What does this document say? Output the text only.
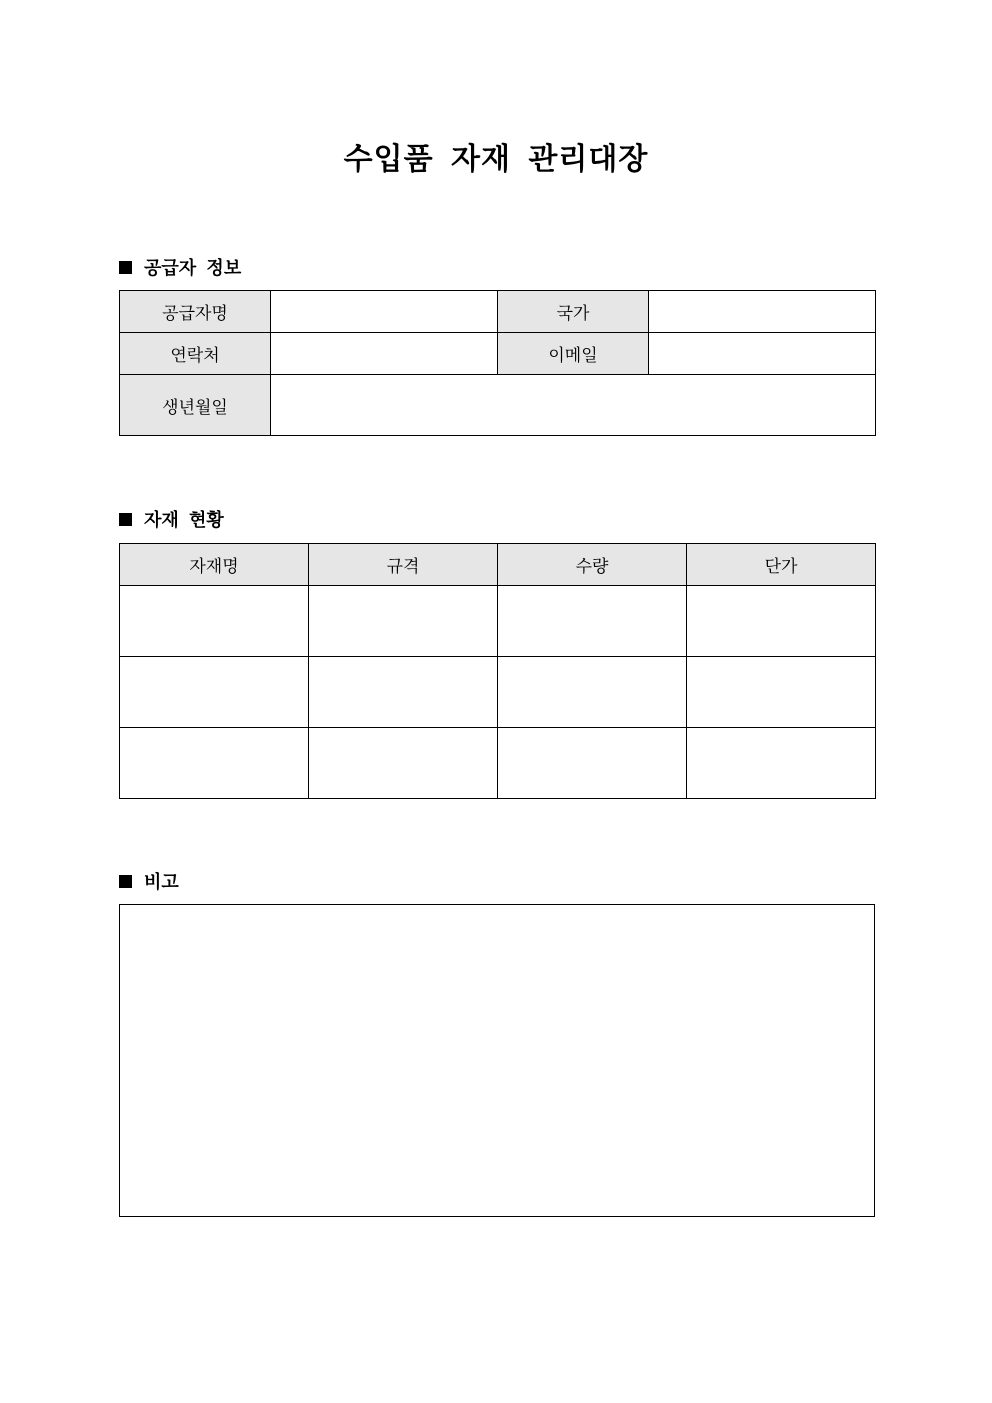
수입품 자재 관리대장
공급자 정보
공급자명		국가	
연락처		이메일	
생년월일			
자재 현황
자재명	규격	수량	단가

비고
